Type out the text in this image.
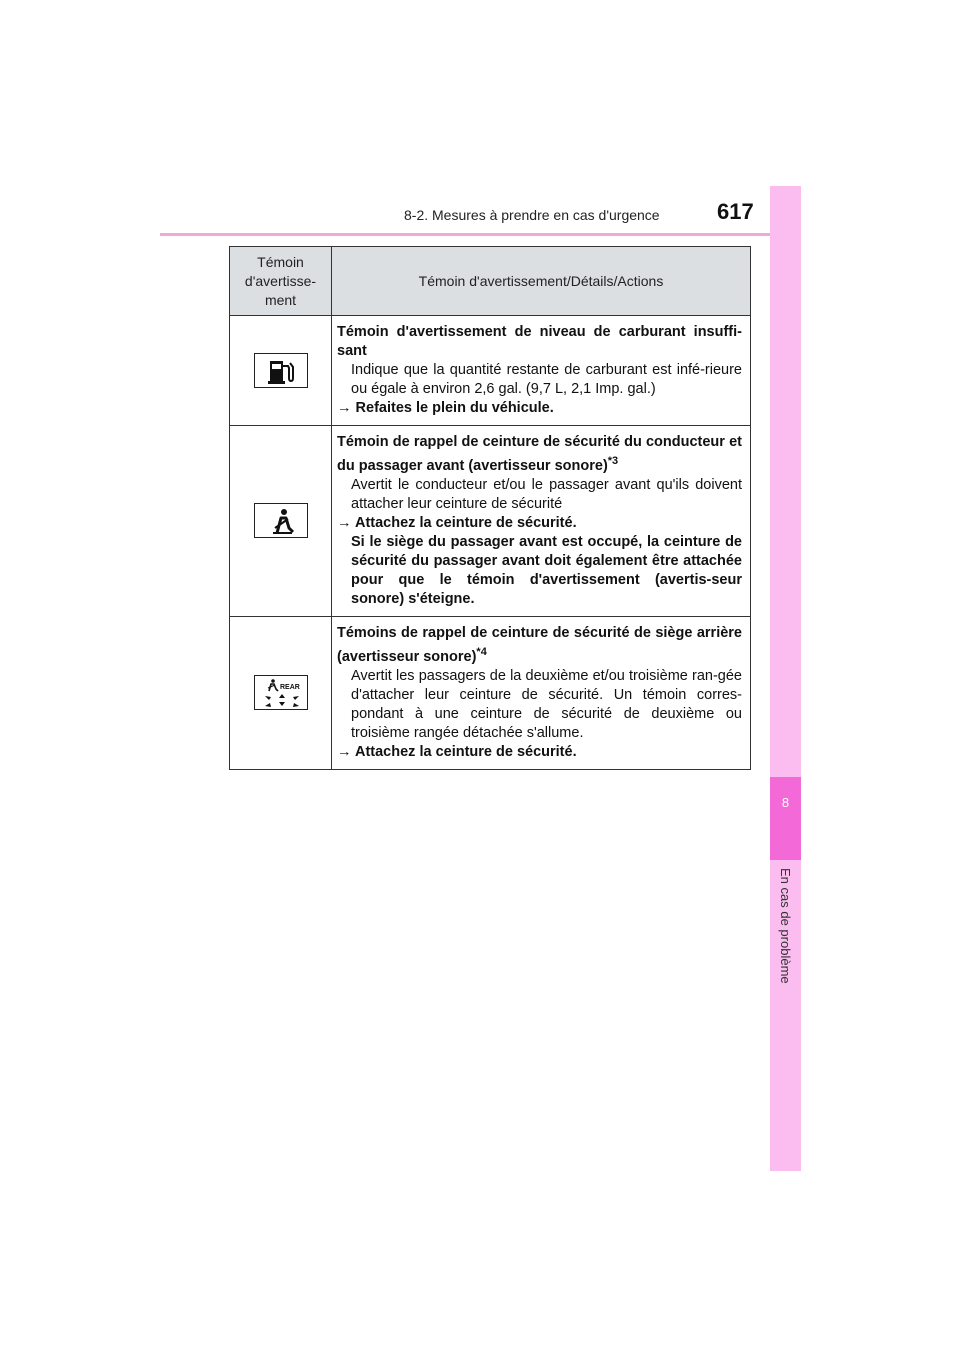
8-2. Mesures à prendre en cas d'urgence	617
8
En cas de problème
Témoin d'avertisse-ment	Témoin d'avertissement/Détails/Actions

	Témoin d'avertissement de niveau de carburant insuffi-sant
Indique que la quantité restante de carburant est infé-rieure ou égale à environ 2,6 gal. (9,7 L, 2,1 Imp. gal.)
→ Refaites le plein du véhicule.

	Témoin de rappel de ceinture de sécurité du conducteur et du passager avant (avertisseur sonore)$^{*3}$
Avertit le conducteur et/ou le passager avant qu'ils doivent attacher leur ceinture de sécurité
→ Attachez la ceinture de sécurité.
Si le siège du passager avant est occupé, la ceinture de sécurité du passager avant doit également être attachée pour que le témoin d'avertissement (avertis-seur sonore) s'éteigne.

REAR	Témoins de rappel de ceinture de sécurité de siège arrière (avertisseur sonore)$^{*4}$
Avertit les passagers de la deuxième et/ou troisième ran-gée d'attacher leur ceinture de sécurité. Un témoin corres-pondant à une ceinture de sécurité de deuxième ou troisième rangée détachée s'allume.
→ Attachez la ceinture de sécurité.
